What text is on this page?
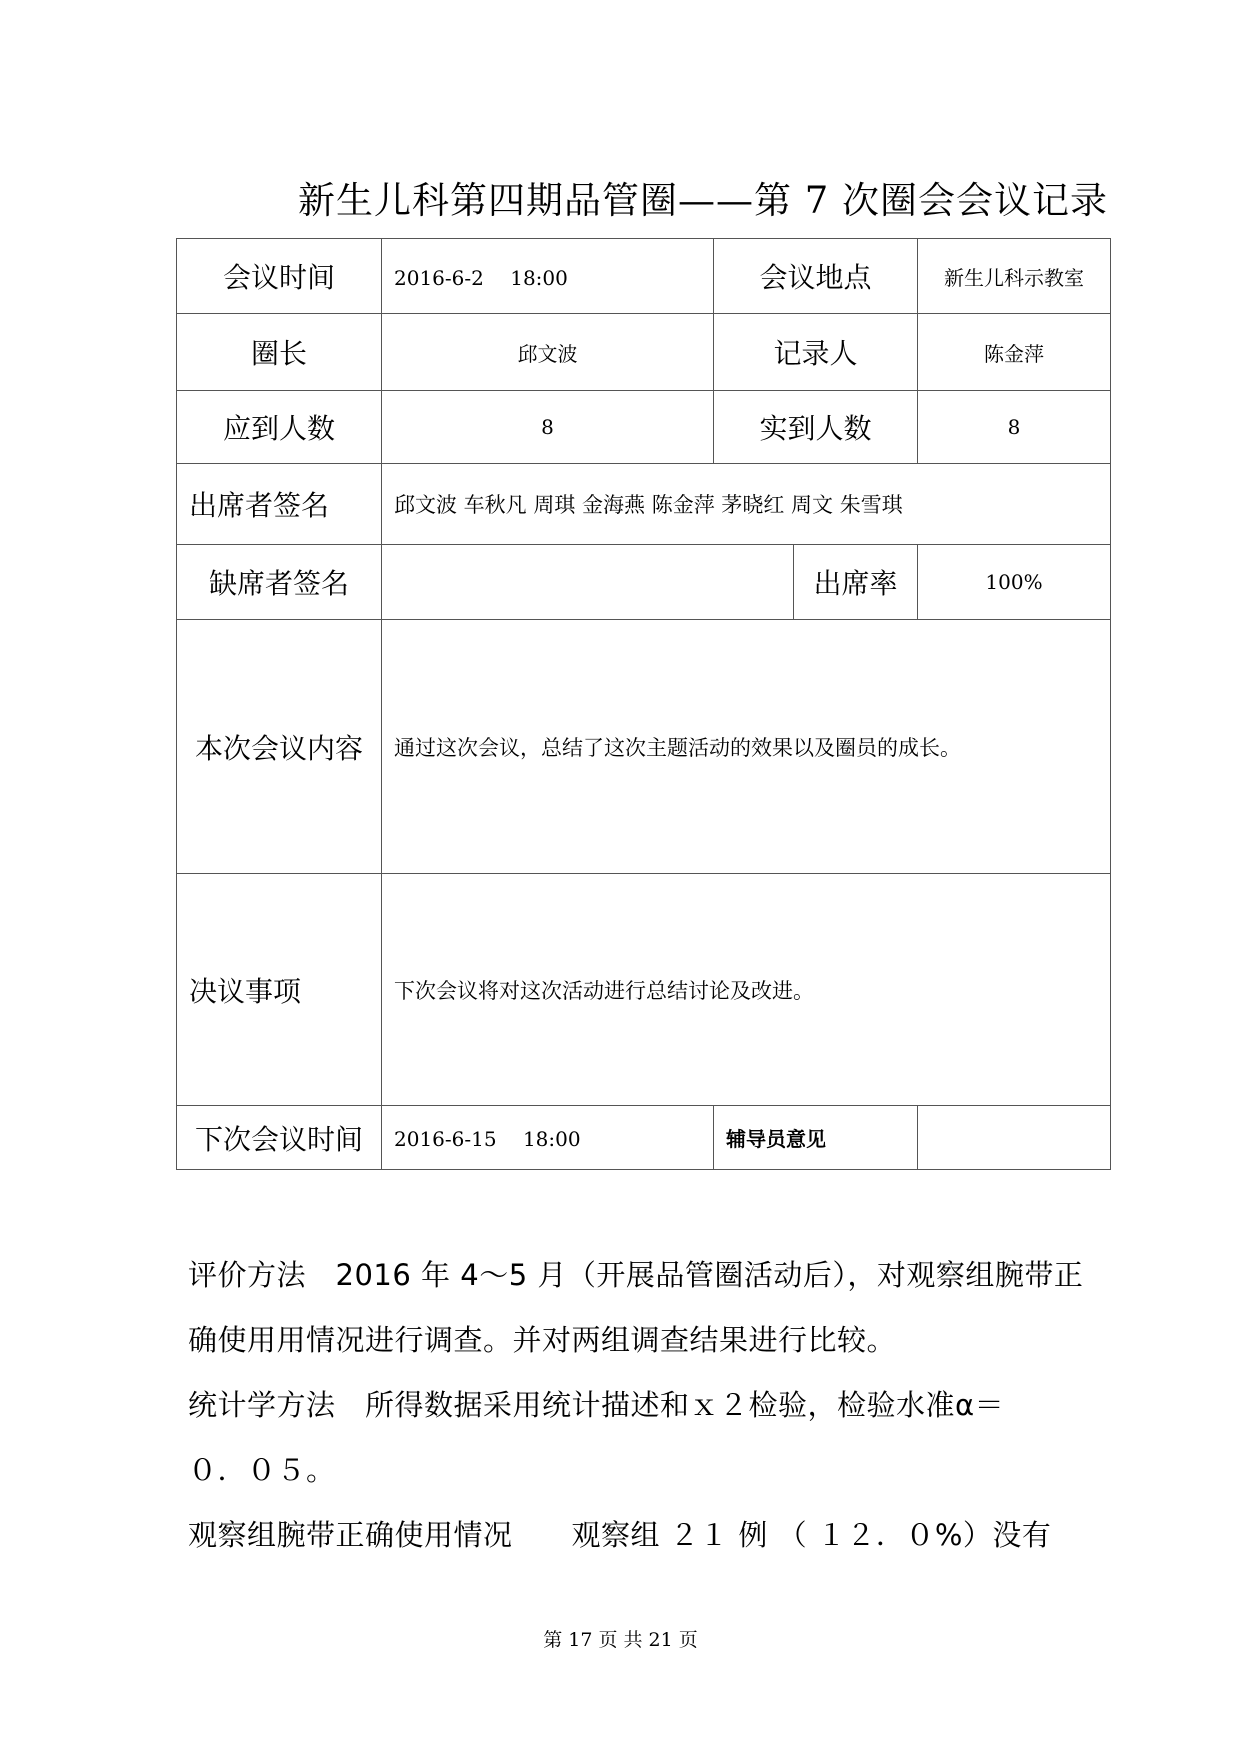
新生儿科第四期品管圈——第 7 次圈会会议记录
会议时间	2016-6-2　 18:00	会议地点		新生儿科示教室
圈长	邱文波	记录人		陈金萍
应到人数	8	实到人数		8
出席者签名	邱文波 车秋凡 周琪 金海燕 陈金萍 茅晓红 周文 朱雪琪			
缺席者签名			出席率	100%
本次会议内容	通过这次会议，总结了这次主题活动的效果以及圈员的成长。			
决议事项	下次会议将对这次活动进行总结讨论及改进。			
下次会议时间	2016-6-15　 18:00	辅导员意见		
评价方法　2016 年 4～5 月（开展品管圈活动后），对观察组腕带正
确使用用情况进行调查。并对两组调查结果进行比较。
统计学方法　所得数据采用统计描述和ｘ２检验，检验水准α＝
０．０５。
观察组腕带正确使用情况　　观察组 ２１ 例 （ １２．０%）没有
第 17 页 共 21 页
